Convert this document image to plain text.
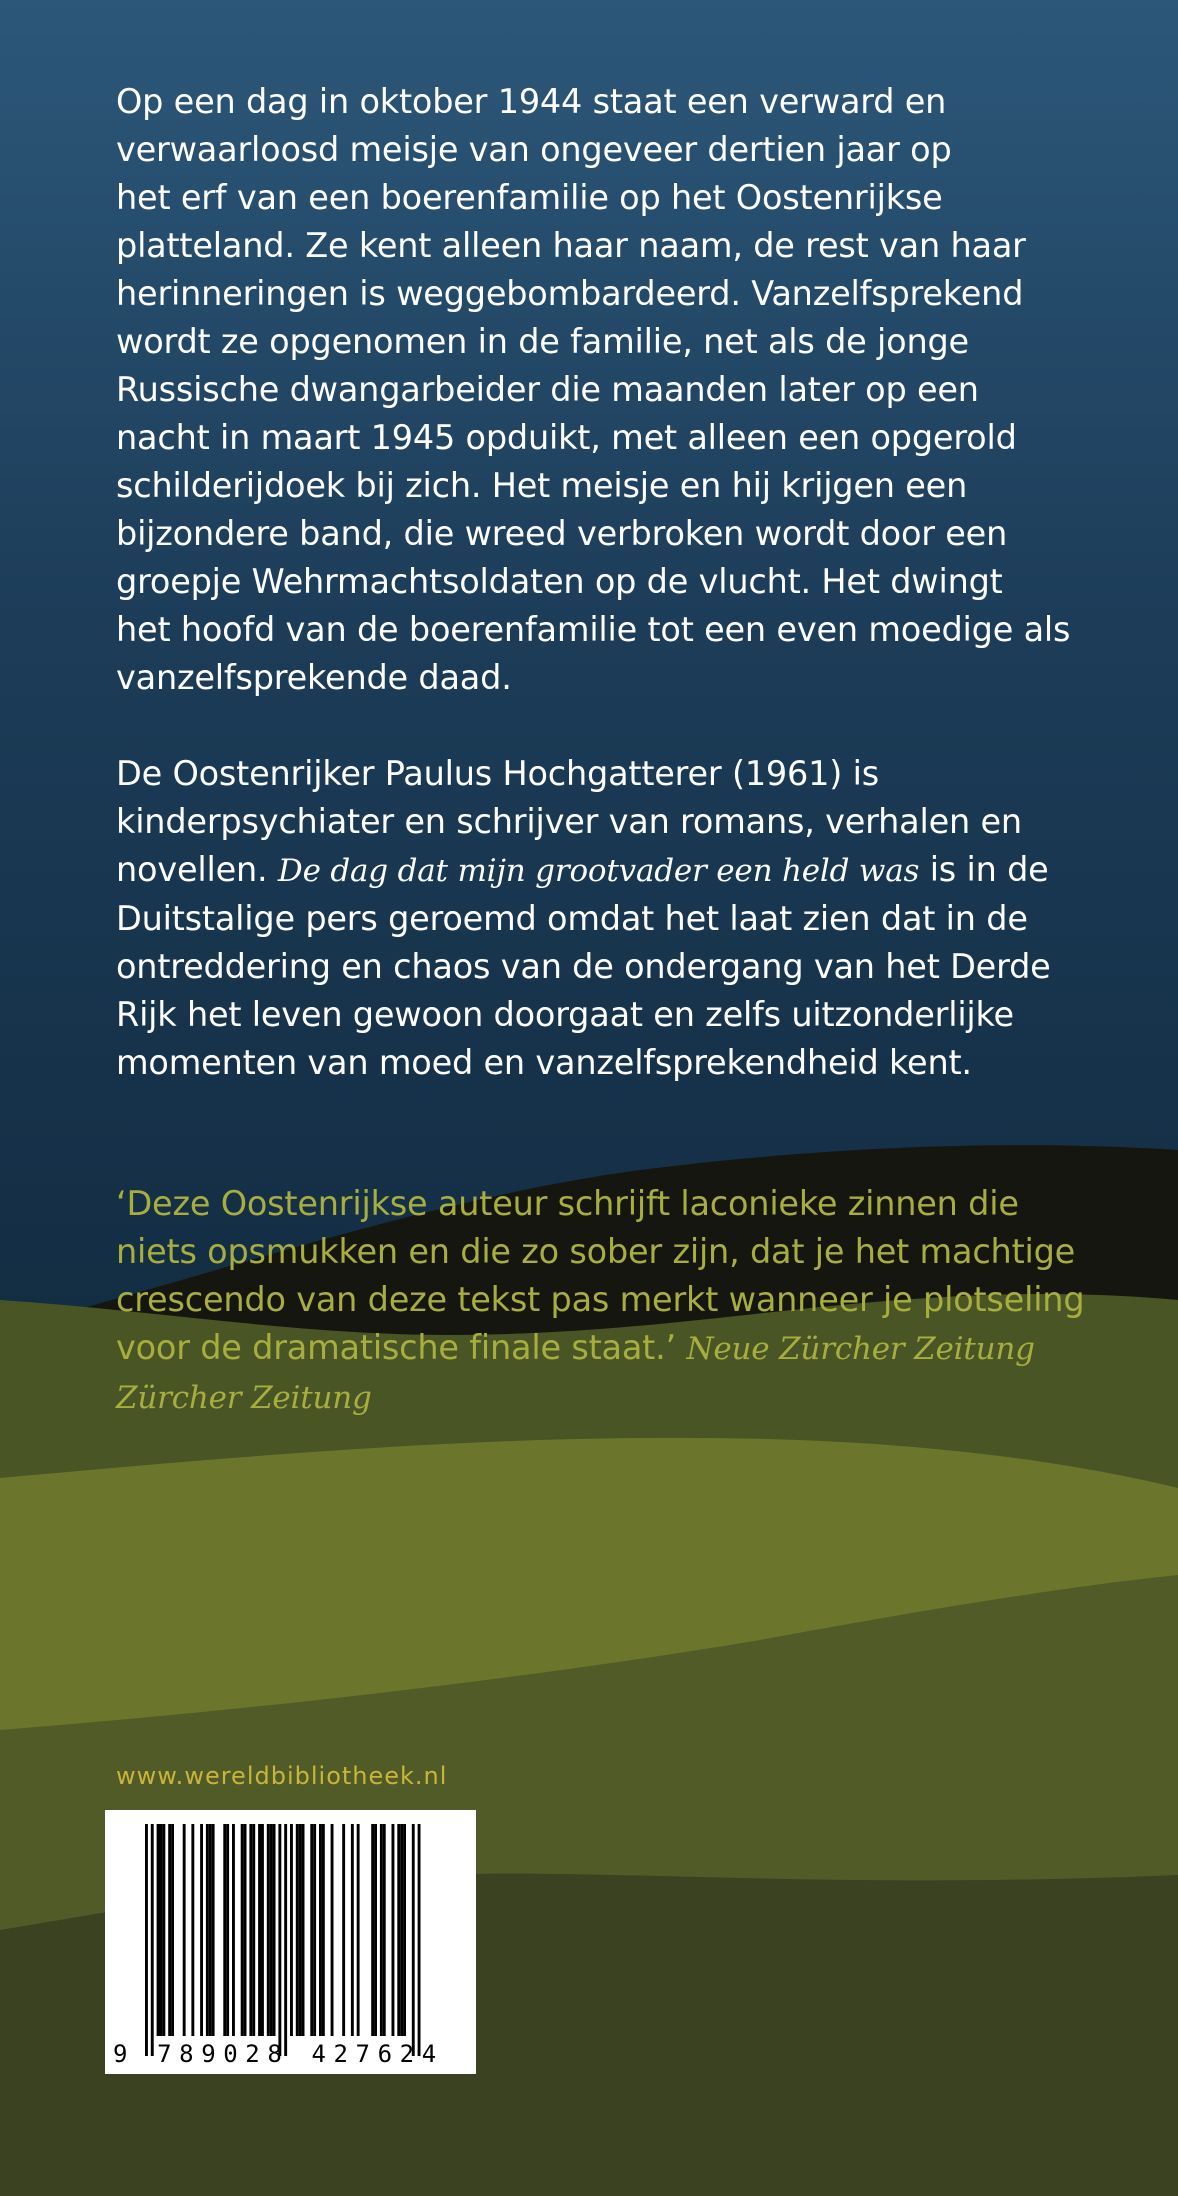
Op een dag in oktober 1944 staat een verward en

verwaarloosd meisje van ongeveer dertien jaar op

het erf van een boerenfamilie op het Oostenrijkse

platteland. Ze kent alleen haar naam, de rest van haar

herinneringen is weggebombardeerd. Vanzelfsprekend

wordt ze opgenomen in de familie, net als de jonge

Russische dwangarbeider die maanden later op een

nacht in maart 1945 opduikt, met alleen een opgerold

schilderijdoek bij zich. Het meisje en hij krijgen een

bijzondere band, die wreed verbroken wordt door een

groepje Wehrmachtsoldaten op de vlucht. Het dwingt

het hoofd van de boerenfamilie tot een even moedige als

vanzelfsprekende daad.

De Oostenrijker Paulus Hochgatterer (1961) is

kinderpsychiater en schrijver van romans, verhalen en

novellen. De dag dat mijn grootvader een held was is in de

Duitstalige pers geroemd omdat het laat zien dat in de

ontreddering en chaos van de ondergang van het Derde

Rijk het leven gewoon doorgaat en zelfs uitzonderlijke

momenten van moed en vanzelfsprekendheid kent.

‘Deze Oostenrijkse auteur schrijft laconieke zinnen die
niets opsmukken en die zo sober zijn, dat je het machtige
crescendo van deze tekst pas merkt wanneer je plotseling
voor de dramatische finale staat.’ Neue Zürcher Zeitung
Zürcher Zeitung
www.wereldbibliotheek.nl
9 789028 427624
